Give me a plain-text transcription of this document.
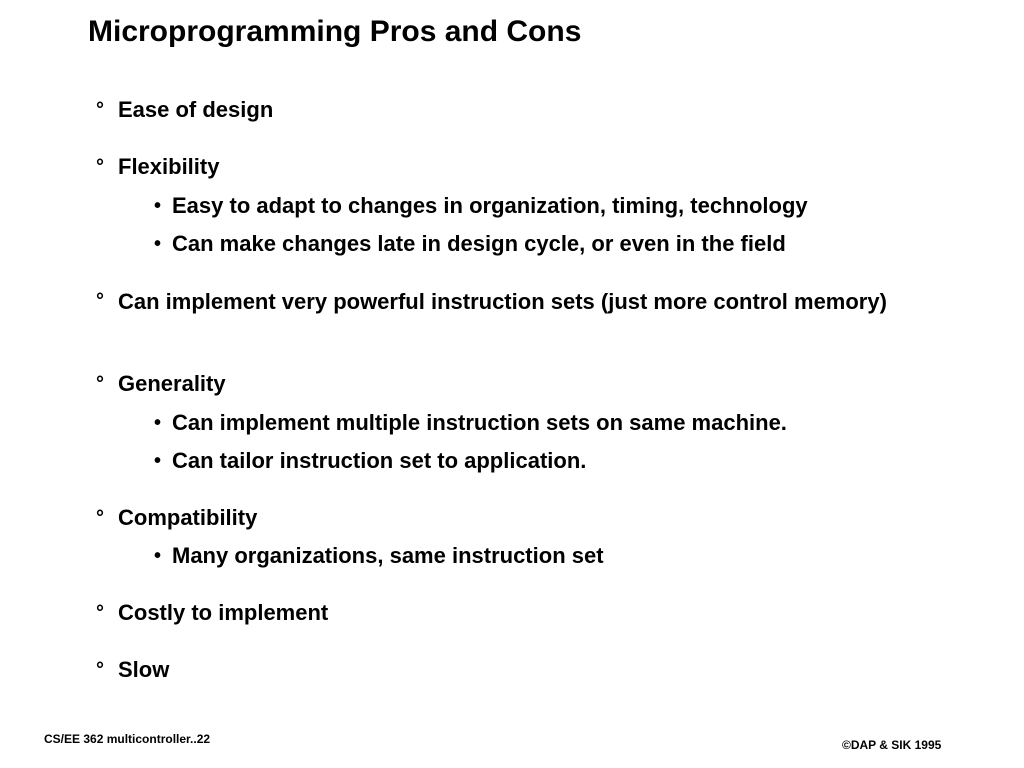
Microprogramming Pros and Cons
° Ease of design
° Flexibility
• Easy to adapt to changes in organization, timing, technology
• Can make changes late in design cycle, or even in the field
° Can implement very powerful instruction sets (just more control memory)
° Generality
• Can implement multiple instruction sets on same machine.
• Can tailor instruction set to application.
° Compatibility
• Many organizations, same instruction set
° Costly to implement
° Slow
CS/EE 362 multicontroller..22	©DAP & SIK 1995
